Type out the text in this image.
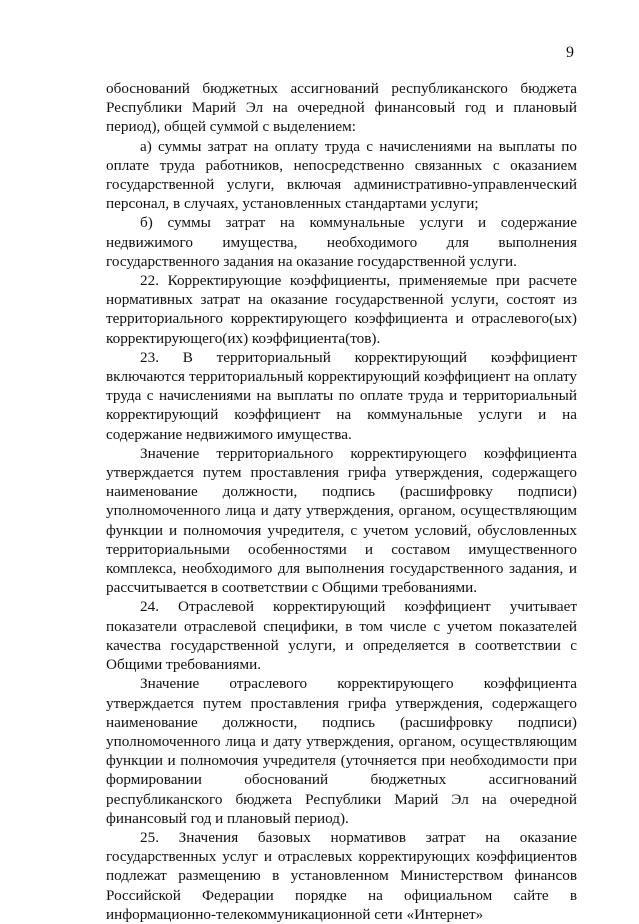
9

обоснований бюджетных ассигнований республиканского бюджета Республики Марий Эл на очередной финансовый год и плановый период), общей суммой с выделением:

а) суммы затрат на оплату труда с начислениями на выплаты по оплате труда работников, непосредственно связанных с оказанием государственной услуги, включая административно-управленческий персонал, в случаях, установленных стандартами услуги;

б) суммы затрат на коммунальные услуги и содержание недвижимого имущества, необходимого для выполнения государственного задания на оказание государственной услуги.

22. Корректирующие коэффициенты, применяемые при расчете нормативных затрат на оказание государственной услуги, состоят из территориального корректирующего коэффициента и отраслевого(ых) корректирующего(их) коэффициента(тов).

23. В территориальный корректирующий коэффициент включаются территориальный корректирующий коэффициент на оплату труда с начислениями на выплаты по оплате труда и территориальный корректирующий коэффициент на коммунальные услуги и на содержание недвижимого имущества.

Значение территориального корректирующего коэффициента утверждается путем проставления грифа утверждения, содержащего наименование должности, подпись (расшифровку подписи) уполномоченного лица и дату утверждения, органом, осуществляющим функции и полномочия учредителя, с учетом условий, обусловленных территориальными особенностями и составом имущественного комплекса, необходимого для выполнения государственного задания, и рассчитывается в соответствии с Общими требованиями.

24. Отраслевой корректирующий коэффициент учитывает показатели отраслевой специфики, в том числе с учетом показателей качества государственной услуги, и определяется в соответствии с Общими требованиями.

Значение отраслевого корректирующего коэффициента утверждается путем проставления грифа утверждения, содержащего наименование должности, подпись (расшифровку подписи) уполномоченного лица и дату утверждения, органом, осуществляющим функции и полномочия учредителя (уточняется при необходимости при формировании обоснований бюджетных ассигнований республиканского бюджета Республики Марий Эл на очередной финансовый год и плановый период).

25. Значения базовых нормативов затрат на оказание государственных услуг и отраслевых корректирующих коэффициентов подлежат размещению в установленном Министерством финансов Российской Федерации порядке на официальном сайте в информационно-телекоммуникационной сети «Интернет»
